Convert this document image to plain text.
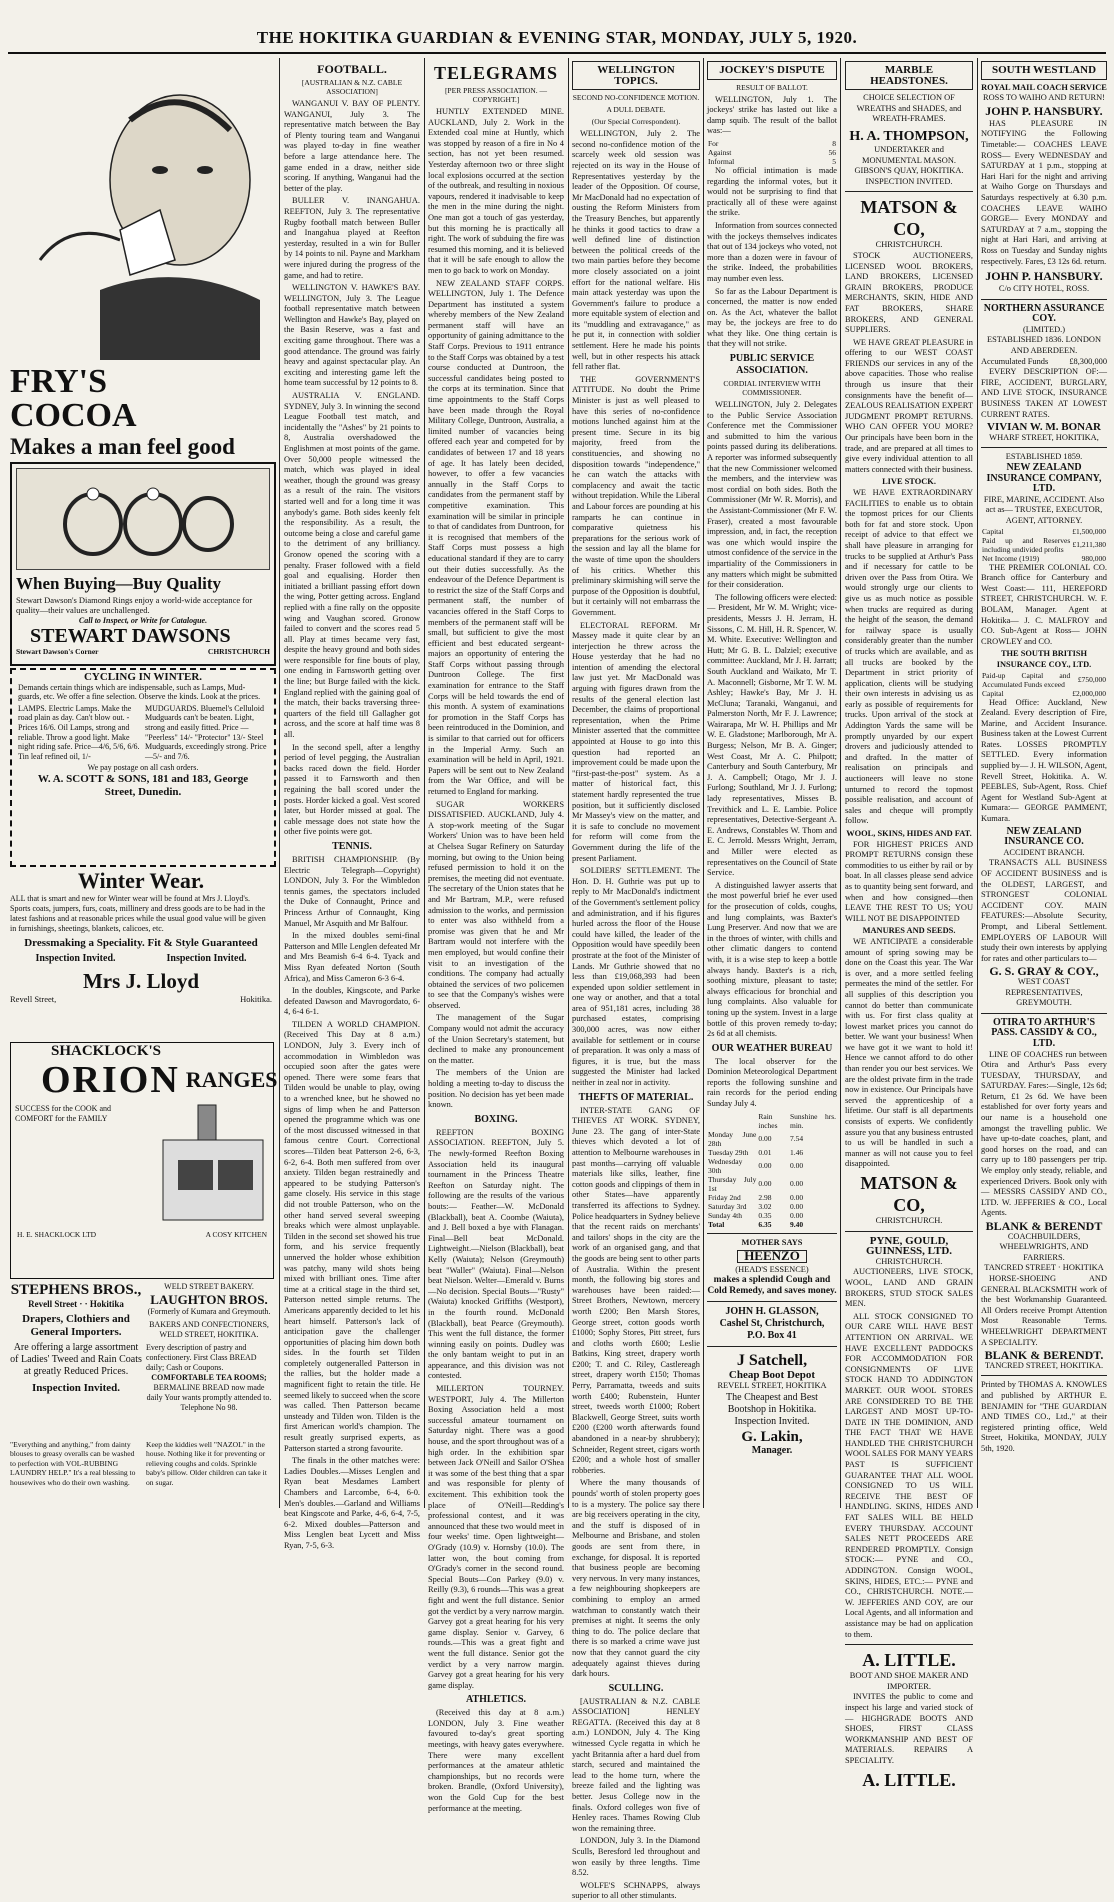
THE HOKITIKA GUARDIAN & EVENING STAR, MONDAY, JULY 5, 1920.
FRY'S
COCOA
Makes a man feel good
When Buying—Buy Quality
Stewart Dawson's Diamond Rings enjoy a world-wide acceptance for quality—their values are unchallenged.
Call to Inspect, or Write for Catalogue.
STEWART DAWSONS
Stewart Dawson's Corner	CHRISTCHURCH
CYCLING IN WINTER.
Demands certain things which are indispensable, such as Lamps, Mud-guards, etc. We offer a fine selection. Observe the kinds. Look at the prices.
LAMPS. Electric Lamps. Make the road plain as day. Can't blow out. - Prices 16/6. Oil Lamps, strong and reliable. Throw a good light. Make night riding safe. Price—4/6, 5/6, 6/6. Tin leaf refined oil, 1/-
MUDGUARDS. Bluemel's Celluloid Mudguards can't be beaten. Light, strong and easily fitted. Price — "Peerless" 14/- "Protector" 13/- Steel Mudguards, exceedingly strong. Price—5/- and 7/6.
We pay postage on all cash orders.
W. A. SCOTT & SONS, 181 and 183, George Street, Dunedin.
Winter Wear.
ALL that is smart and new for Winter wear will be found at Mrs J. Lloyd's. Sports coats, jumpers, furs, coats, millinery and dress goods are to be had in the latest fashions and at reasonable prices while the usual good value will be given in furnishings, sheetings, blankets, calicoes, etc.
Dressmaking a Speciality. Fit & Style Guaranteed
Inspection Invited.	Inspection Invited.
Mrs J. Lloyd
Revell Street,	Hokitika.
SHACKLOCK'S
ORION RANGES
SUCCESS for the COOK and COMFORT for the FAMILY
H. E. SHACKLOCK LTD	A COSY KITCHEN
STEPHENS BROS.,
Revell Street · · Hokitika
Drapers, Clothiers and General Importers.
Are offering a large assortment of Ladies' Tweed and Rain Coats at greatly Reduced Prices.
Inspection Invited.
WELD STREET BAKERY.
LAUGHTON BROS.
(Formerly of Kumara and Greymouth.
BAKERS AND CONFECTIONERS, WELD STREET, HOKITIKA.
Every description of pastry and confectionery. First Class BREAD daily; Cash or Coupons.
COMFORTABLE TEA ROOMS;
BERMALINE BREAD now made daily Your wants promptly attended to. Telephone No 98.
"Everything and anything," from dainty blouses to greasy overalls can be washed to perfection with VOL-RUBBING LAUNDRY HELP." It's a real blessing to housewives who do their own washing.
Keep the kiddies well "NAZOL" in the house. Nothing like it for preventing or relieving coughs and colds. Sprinkle baby's pillow. Older children can take it on sugar.
FOOTBALL.
[AUSTRALIAN & N.Z. CABLE ASSOCIATION]

WANGANUI V. BAY OF PLENTY. WANGANUI, July 3. The representative match between the Bay of Plenty touring team and Wanganui was played to-day in fine weather before a large attendance here. The game ended in a draw, neither side scoring. If anything, Wanganui had the better of the play.

BULLER V. INANGAHUA. REEFTON, July 3. The representative Rugby football match between Buller and Inangahua played at Reefton yesterday, resulted in a win for Buller by 14 points to nil. Payne and Markham were injured during the progress of the game, and had to retire.

WELLINGTON V. HAWKE'S BAY. WELLINGTON, July 3. The League football representative match between Wellington and Hawke's Bay, played on the Basin Reserve, was a fast and exciting game throughout. There was a good attendance. The ground was fairly heavy and against spectacular play. An exciting and interesting game left the home team successful by 12 points to 8.

AUSTRALIA V. ENGLAND. SYDNEY, July 3. In winning the second League Football test match, and incidentally the "Ashes" by 21 points to 8, Australia overshadowed the Englishmen at most points of the game. Over 50,000 people witnessed the match, which was played in ideal weather, though the ground was greasy as a result of the rain. The visitors started well and for a long time it was anybody's game. Both sides keenly felt the responsibility. As a result, the outcome being a close and careful game to the detriment of any brilliancy. Gronow opened the scoring with a penalty. Fraser followed with a field goal and equalising. Horder then initiated a brilliant passing effort down the wing, Potter getting across. England replied with a fine rally on the opposite wing and Vaughan scored. Gronow failed to convert and the scores read 5 all. Play at times became very fast, despite the heavy ground and both sides were responsible for fine bouts of play, one ending in Farnsworth getting over the line; but Burge failed with the kick. England replied with the gaining goal of the match, their backs traversing three-quarters of the field till Gallagher got across, and the score at half time was 8 all.

In the second spell, after a lengthy period of level pegging, the Australian backs raced down the field. Horder passed it to Farnsworth and then regaining the ball scored under the posts. Horder kicked a goal. Vest scored later, but Horder missed at goal. The cable message does not state how the other five points were got.

TENNIS.

BRITISH CHAMPIONSHIP. (By Electric Telegraph—Copyright) LONDON, July 3. For the Wimbledon tennis games, the spectators included the Duke of Connaught, Prince and Princess Arthur of Connaught, King Manuel, Mr Asquith and Mr Balfour.

In the mixed doubles semi-final Patterson and Mlle Lenglen defeated Mr and Mrs Beamish 6-4 6-4. Tyack and Miss Ryan defeated Norton (South Africa), and Miss Cameron 6-3 6-4.

In the doubles, Kingscote, and Parke defeated Dawson and Mavrogordato, 6-4, 6-4 6-1.

TILDEN A WORLD CHAMPION. (Received This Day at 8 a.m.) LONDON, July 3. Every inch of accommodation in Wimbledon was occupied soon after the gates were opened. There were some fears that Tilden would be unable to play, owing to a wrenched knee, but he showed no signs of limp when he and Patterson opened the programme which was one of the most discussed witnessed in that famous centre Court. Correctional scores—Tilden beat Patterson 2-6, 6-3, 6-2, 6-4. Both men suffered from over anxiety. Tilden began restrainedly and appeared to be studying Patterson's game closely. His service in this stage did not trouble Patterson, who on the other hand served several sweeping breaks which were almost unplayable. Tilden in the second set showed his true form, and his service frequently unnerved the holder whose exhibition was patchy, many wild shots being mixed with brilliant ones. Time after time at a critical stage in the third set, Patterson netted simple returns. The Americans apparently decided to let his heart himself. Patterson's lack of anticipation gave the challenger opportunities of placing him down both sides. In the fourth set Tilden completely outgeneralled Patterson in the rallies, but the holder made a magnificent fight to retain the title. He seemed likely to succeed when the score was called. Then Patterson became unsteady and Tilden won. Tilden is the first American world's champion. The result greatly surprised experts, as Patterson started a strong favourite.

The finals in the other matches were: Ladies Doubles.—Misses Lenglen and Ryan beat Mesdames Lambert Chambers and Larcombe, 6-4, 6-0. Men's doubles.—Garland and Williams beat Kingscote and Parke, 4-6, 6-4, 7-5, 6-2. Mixed doubles—Patterson and Miss Lenglen beat Lycett and Miss Ryan, 7-5, 6-3.

TELEGRAMS
[PER PRESS ASSOCIATION. — COPYRIGHT.]

HUNTLY EXTENDED MINE. AUCKLAND, July 2. Work in the Extended coal mine at Huntly, which was stopped by reason of a fire in No 4 section, has not yet been resumed. Yesterday afternoon two or three slight local explosions occurred at the section of the outbreak, and resulting in noxious vapours, rendered it inadvisable to keep the men in the mine during the night. One man got a touch of gas yesterday, but this morning he is practically all right. The work of subduing the fire was resumed this morning, and it is believed that it will be safe enough to allow the men to go back to work on Monday.

NEW ZEALAND STAFF CORPS. WELLINGTON, July 1. The Defence Department has instituted a system whereby members of the New Zealand permanent staff will have an opportunity of gaining admittance to the Staff Corps. Previous to 1911 entrance to the Staff Corps was obtained by a test course conducted at Duntroon, the successful candidates being posted to the corps at its termination. Since that time appointments to the Staff Corps have been made through the Royal Military College, Duntroon, Australia, a limited number of vacancies being offered each year and competed for by candidates of between 17 and 18 years of age. It has lately been decided, however, to offer a few vacancies annually in the Staff Corps to candidates from the permanent staff by competitive examination. This examination will be similar in principle to that of candidates from Duntroon, for it is recognised that members of the Staff Corps must possess a high educational standard if they are to carry out their duties successfully. As the endeavour of the Defence Department is to restrict the size of the Staff Corps and permanent staff, the number of vacancies offered in the Staff Corps to members of the permanent staff will be small, but sufficient to give the most efficient and best educated sergeant-majors an opportunity of entering the Staff Corps without passing through Duntroon College. The first examination for entrance to the Staff Corps will be held towards the end of this month. A system of examinations for promotion in the Staff Corps has been reintroduced in the Dominion, and is similar to that carried out for officers in the Imperial Army. Such an examination will be held in April, 1921. Papers will be sent out to New Zealand from the War Office, and will be returned to England for marking.

SUGAR WORKERS DISSATISFIED. AUCKLAND, July 4. A stop-work meeting of the Sugar Workers' Union was to have been held at Chelsea Sugar Refinery on Saturday morning, but owing to the Union being refused permission to hold it on the premises, the meeting did not eventuate. The secretary of the Union states that he and Mr Bartram, M.P., were refused admission to the works, and permission to enter was also withheld from a promise was given that he and Mr Bartram would not interfere with the men employed, but would confine their visit to an investigation of the conditions. The company had actually obtained the services of two policemen to see that the Company's wishes were observed.

The management of the Sugar Company would not admit the accuracy of the Union Secretary's statement, but declined to make any pronouncement on the matter.

The members of the Union are holding a meeting to-day to discuss the position. No decision has yet been made known.

BOXING.

REEFTON BOXING ASSOCIATION. REEFTON, July 5. The newly-formed Reefton Boxing Association held its inaugural tournament in the Princess Theatre Reefton on Saturday night. The following are the results of the various bouts:— Feather—W. McDonald (Blackball), beat A. Coombe (Waiuta), and J. Bell boxed a bye with Flanagan. Final—Bell beat McDonald. Lightweight.—Nielson (Blackball), beat Kelly (Waiuta); Nelson (Greymouth) beat "Waller" (Waiuta). Final—Nelson beat Nielson. Welter—Emerald v. Burns—No decision. Special Bouts—"Rusty" (Waiuta) knocked Griffiths (Westport), in the fourth round. McDonald (Blackball), beat Pearce (Greymouth). This went the full distance, the former winning easily on points. Dudley was the only bantam weight to put in an appearance, and this division was not contested.

MILLERTON TOURNEY. WESTPORT, July 4. The Millerton Boxing Association held a most successful amateur tournament on Saturday night. There was a good house, and the sport throughout was of a high order. In the exhibition spar between Jack O'Neill and Sailor O'Shea it was some of the best thing that a spar and was responsible for plenty of excitement. This exhibition took the place of O'Neill—Redding's professional contest, and it was announced that these two would meet in four weeks' time. Open lightweight—O'Grady (10.9) v. Hornsby (10.0). The latter won, the bout coming from O'Grady's corner in the second round. Special Bouts—Con Parkey (9.0) v. Reilly (9.3), 6 rounds—This was a great fight and went the full distance. Senior got the verdict by a very narrow margin. Garvey got a great hearing for his very game display. Senior v. Garvey, 6 rounds.—This was a great fight and went the full distance. Senior got the verdict by a very narrow margin. Garvey got a great hearing for his very game display.

ATHLETICS.

(Received this day at 8 a.m.) LONDON, July 3. Fine weather favoured to-day's great sporting meetings, with heavy gates everywhere. There were many excellent performances at the amateur athletic championships, but no records were broken. Brandle, (Oxford University), won the Gold Cup for the best performance at the meeting.

WELLINGTON TOPICS.
SECOND NO-CONFIDENCE MOTION.
A DULL DEBATE.
(Our Special Correspondent).

WELLINGTON, July 2. The second no-confidence motion of the scarcely week old session was rejected on its way in the House of Representatives yesterday by the leader of the Opposition. Of course, Mr MacDonald had no expectation of ousting the Reform Ministers from the Treasury Benches, but apparently he thinks it good tactics to draw a well defined line of distinction between the political creeds of the two main parties before they become more closely associated on a joint effort for the national welfare. His main attack yesterday was upon the Government's failure to produce a more equitable system of election and its "muddling and extravagance," as he put it, in connection with soldier settlement. Here he made his points well, but in other respects his attack fell rather flat.

THE GOVERNMENT'S ATTITUDE. No doubt the Prime Minister is just as well pleased to have this series of no-confidence motions lunched against him at the present time. Secure in its big majority, freed from the constituencies, and showing no disposition towards "independence," he can watch the attacks with complacency and await the tactic without trepidation. While the Liberal and Labour forces are pounding at his ramparts he can continue in comparative quietness his preparations for the serious work of the session and lay all the blame for the waste of time upon the shoulders of his critics. Whether this preliminary skirmishing will serve the purpose of the Opposition is doubtful, but it certainly will not embarrass the Government.

ELECTORAL REFORM. Mr Massey made it quite clear by an interjection he threw across the House yesterday that he had no intention of amending the electoral law just yet. Mr MacDonald was arguing with figures drawn from the results of the general election last December, the claims of proportional representation, when the Prime Minister asserted that the committee appointed at House to go into this question had reported an improvement could be made upon the "first-past-the-post" system. As a matter of historical fact, this statement hardly represented the true position, but it sufficiently disclosed Mr Massey's view on the matter, and it is safe to conclude no movement for reform will come from the Government during the life of the present Parliament.

SOLDIERS' SETTLEMENT. The Hon. D. H. Guthrie was put up to reply to Mr MacDonald's indictment of the Government's settlement policy and administration, and if his figures hurled across the floor of the House could have killed, the leader of the Opposition would have speedily been prostrate at the foot of the Minister of Lands. Mr Guthrie showed that no less than £19,068,393 had been expended upon soldier settlement in one way or another, and that a total area of 951,181 acres, including 38 purchased estates, comprising 300,000 acres, was now either available for settlement or in course of preparation. It was only a mass of figures, it is true, but the mass suggested the Minister had lacked neither in zeal nor in activity.

THEFTS OF MATERIAL.

INTER-STATE GANG OF THIEVES AT WORK. SYDNEY, June 23. The gang of inter-State thieves which devoted a lot of attention to Melbourne warehouses in past months—carrying off valuable materials like silks, leather, fine cotton goods and clippings of them in other States—have apparently transferred its affections to Sydney. Police headquarters in Sydney believe that the recent raids on merchants' and tailors' shops in the city are the work of an organised gang, and that the goods are being sent to other parts of Australia. Within the present month, the following big stores and warehouses have been raided:—Street Brothers, Newtown, mercery worth £200; Ben Marsh Stores, George street, cotton goods worth £1000; Sophy Stores, Pitt street, furs and cloths worth £600; Leslie Batkins, King street, drapery worth £200; T. and C. Riley, Castlereagh street, drapery worth £150; Thomas Perry, Parramatta, tweeds and suits worth £400; Rubenstein, Hunter street, tweeds worth £1000; Robert Blackwell, George Street, suits worth £200 (£200 worth afterwards found abandoned in a near-by shrubbery); Schneider, Regent street, cigars worth £200; and a whole host of smaller robberies.

Where the many thousands of pounds' worth of stolen property goes to is a mystery. The police say there are big receivers operating in the city, and the stuff is disposed of in Melbourne and Brisbane, and stolen goods are sent from there, in exchange, for disposal. It is reported that business people are becoming very nervous. In very many instances, a few neighbouring shopkeepers are combining to employ an armed watchman to constantly watch their premises at night. It seems the only thing to do. The police declare that there is so marked a crime wave just now that they cannot guard the city adequately against thieves during dark hours.

SCULLING.

[AUSTRALIAN & N.Z. CABLE ASSOCIATION] HENLEY REGATTA. (Received this day at 8 a.m.) LONDON, July 4. The King witnessed Cycle regatta in which he yacht Britannia after a hard duel from starch, secured and maintained the lead to the home turn, where the breeze failed and the lighting was better. Jesus College now in the finals. Oxford colleges won five of Henley races. Thames Rowing Club won the remaining three.

LONDON, July 3. In the Diamond Sculls, Beresford led throughout and won easily by three lengths. Time 8.52.

WOLFE'S SCHNAPPS, always superior to all other stimulants.

JOCKEY'S DISPUTE
RESULT OF BALLOT.

WELLINGTON, July 1. The jockeys' strike has lasted out like a damp squib. The result of the ballot was:—

For	8
Against	56
Informal	5

No official intimation is made regarding the informal votes, but it would not be surprising to find that practically all of these were against the strike.

Information from sources connected with the jockeys themselves indicates that out of 134 jockeys who voted, not more than a dozen were in favour of the strike. Indeed, the probabilities may number even less.

So far as the Labour Department is concerned, the matter is now ended on. As the Act, whatever the ballot may be, the jockeys are free to do what they like. One thing certain is that they will not strike.

PUBLIC SERVICE ASSOCIATION.
CORDIAL INTERVIEW WITH COMMISSIONER.

WELLINGTON, July 2. Delegates to the Public Service Association Conference met the Commissioner and submitted to him the various points passed during its deliberations. A reporter was informed subsequently that the new Commissioner welcomed the members, and the interview was most cordial on both sides. Both the Commissioner (Mr W. R. Morris), and the Assistant-Commissioner (Mr F. W. Fraser), created a most favourable impression, and, in fact, the reception was one which would inspire the utmost confidence of the service in the impartiality of the Commissioners in any matters which might be submitted for their consideration.

The following officers were elected:— President, Mr W. M. Wright; vice-presidents, Messrs J. H. Jerram, H. Sissons, C. M. Hill, H. R. Spencer, W. M. White. Executive: Wellington and Hutt; Mr G. B. L. Dalziel; executive committee: Auckland, Mr J. H. Jarratt; South Auckland and Waikato, Mr T. A. Maconnell; Gisborne, Mr T. W. M. Ashley; Hawke's Bay, Mr J. H. McCluna; Taranaki, Wanganui, and Palmerston North, Mr F. J. Lawrence; Wairarapa, Mr W. H. Phillips and Mr W. E. Gladstone; Marlborough, Mr A. Burgess; Nelson, Mr B. A. Ginger; West Coast, Mr A. C. Philpott; Canterbury and South Canterbury, Mr J. A. Campbell; Otago, Mr J. J. Furlong; Southland, Mr J. J. Furlong; lady representatives, Misses B. Trevithick and L. E. Lambie. Police representatives, Detective-Sergeant A. E. Andrews, Constables W. Thom and E. C. Jerrold. Messrs Wright, Jerram, and Miller were elected as representatives on the Council of State Service.

A distinguished lawyer asserts that the most powerful brief he ever used for the prosecution of colds, coughs, and lung complaints, was Baxter's Lung Preserver. And now that we are in the throes of winter, with chills and other climatic dangers to contend with, it is a wise step to keep a bottle always handy. Baxter's is a rich, soothing mixture, pleasant to taste; always efficacious for bronchial and lung complaints. Also valuable for toning up the system. Invest in a large bottle of this proven remedy to-day; 2s 6d at all chemists.

OUR WEATHER BUREAU

The local observer for the Dominion Meteorological Department reports the following sunshine and rain records for the period ending Sunday July 4.

	Rain inches	Sunshine hrs. min.
Monday June 28th	0.00	7.54
Tuesday 29th	0.01	1.46
Wednesday 30th	0.00	0.00
Thursday July 1st	0.00	0.00
Friday 2nd	2.98	0.00
Saturday 3rd	3.02	0.00
Sunday 4th	0.35	0.00
Total	6.35	9.40
MOTHER SAYS
HEENZO
(HEAD'S ESSENCE)
makes a splendid Cough and Cold Remedy, and saves money.
JOHN H. GLASSON,
Cashel St, Christchurch,
P.O. Box 41
J Satchell,
Cheap Boot Depot
REVELL STREET, HOKITIKA
The Cheapest and Best Bootshop in Hokitika.
Inspection Invited.
G. Lakin,
Manager.
MARBLE HEADSTONES.
CHOICE SELECTION OF WREATHS and SHADES, and WREATH-FRAMES.
H. A. THOMPSON,
UNDERTAKER and MONUMENTAL MASON.
GIBSON'S QUAY, HOKITIKA.
INSPECTION INVITED.
MATSON & CO,
CHRISTCHURCH.

STOCK AUCTIONEERS, LICENSED WOOL BROKERS, LAND BROKERS, LICENSED GRAIN BROKERS, PRODUCE MERCHANTS, SKIN, HIDE AND FAT BROKERS, SHARE BROKERS, AND GENERAL SUPPLIERS.

WE HAVE GREAT PLEASURE in offering to our WEST COAST FRIENDS our services in any of the above capacities. Those who realise through us insure that their consignments have the benefit of— ZEALOUS REALISATION EXPERT JUDGMENT PROMPT RETURNS. WHO CAN OFFER YOU MORE? Our principals have been born in the trade, and are prepared at all times to give every individual attention to all matters connected with their business.

LIVE STOCK.

WE HAVE EXTRAORDINARY FACILITIES to enable us to obtain the topmost prices for our Clients both for fat and store stock. Upon receipt of advice to that effect we shall have pleasure in arranging for trucks to be supplied at Arthur's Pass and if necessary for cattle to be driven over the Pass from Otira. We would strongly urge our clients to give us as much notice as possible when trucks are required as during the height of the season, the demand for railway space is usually considerably greater than the number of trucks which are available, and as all trucks are booked by the Department in strict priority of application, clients will be studying their own interests in advising us as early as possible of requirements for trucks. Upon arrival of the stock at Addington Yards the same will be promptly unyarded by our expert drovers and judiciously attended to and drafted. In the matter of realisation on principals and auctioneers will leave no stone unturned to record the topmost possible realisation, and account of sales and cheque will promptly follow.

WOOL, SKINS, HIDES AND FAT.

FOR HIGHEST PRICES AND PROMPT RETURNS consign these commodities to us either by rail or by boat. In all classes please send advice as to quantity being sent forward, and when and how consigned—then LEAVE THE REST TO US; YOU WILL NOT BE DISAPPOINTED

MANURES AND SEEDS.

WE ANTICIPATE a considerable amount of spring sowing may be done on the Coast this year. The War is over, and a more settled feeling permeates the mind of the settler. For all supplies of this description you cannot do better than communicate with us. For first class quality at lowest market prices you cannot do better. We want your business! When we have got it we want to hold it! Hence we cannot afford to do other than render you our best services. We are the oldest private firm in the trade now in existence. Our Principals have served the apprenticeship of a lifetime. Our staff is all departments consists of experts. We confidently assure you that any business entrusted to us will be handled in such a manner as will not cause you to feel disappointed.

MATSON & CO,
CHRISTCHURCH.
PYNE, GOULD, GUINNESS, LTD.
CHRISTCHURCH.

AUCTIONEERS, LIVE STOCK, WOOL, LAND AND GRAIN BROKERS, STUD STOCK SALES MEN.

ALL STOCK CONSIGNED TO OUR CARE WILL HAVE BEST ATTENTION ON ARRIVAL. WE HAVE EXCELLENT PADDOCKS FOR ACCOMMODATION FOR CONSIGNMENTS OF LIVE STOCK HAND TO ADDINGTON MARKET. OUR WOOL STORES ARE CONSIDERED TO BE THE LARGEST AND MOST UP-TO-DATE IN THE DOMINION, AND THE FACT THAT WE HAVE HANDLED THE CHRISTCHURCH WOOL SALES FOR MANY YEARS PAST IS SUFFICIENT GUARANTEE THAT ALL WOOL CONSIGNED TO US WILL RECEIVE THE BEST OF HANDLING. SKINS, HIDES AND FAT SALES WILL BE HELD EVERY THURSDAY. ACCOUNT SALES NETT PROCEEDS ARE RENDERED PROMPTLY. Consign STOCK:— PYNE and CO., ADDINGTON. Consign WOOL, SKINS, HIDES, ETC.:— PYNE and CO., CHRISTCHURCH. NOTE.—W. JEFFERIES AND COY, are our Local Agents, and all information and assistance may be had on application to them.

A. LITTLE.
BOOT AND SHOE MAKER AND IMPORTER.

INVITES the public to come and inspect his large and varied stock of— HIGHGRADE BOOTS AND SHOES, FIRST CLASS WORKMANSHIP AND BEST OF MATERIALS. REPAIRS A SPECIALITY.

A. LITTLE.
SOUTH WESTLAND
ROYAL MAIL COACH SERVICE
ROSS TO WAIHO AND RETURN!
JOHN P. HANSBURY.

HAS PLEASURE IN NOTIFYING the Following Timetable:— COACHES LEAVE ROSS— Every WEDNESDAY and SATURDAY at 1 p.m., stopping at Hari Hari for the night and arriving at Waiho Gorge on Thursdays and Saturdays respectively at 6.30 p.m. COACHES LEAVE WAIHO GORGE— Every MONDAY and SATURDAY at 7 a.m., stopping the night at Hari Hari, and arriving at Ross on Tuesday and Sunday nights respectively. Fares, £3 12s 6d. return.

JOHN P. HANSBURY.
C/o CITY HOTEL, ROSS.
NORTHERN ASSURANCE COY.
(LIMITED.)
ESTABLISHED 1836. LONDON AND ABERDEEN.
Accumulated Funds	£8,300,000

EVERY DESCRIPTION OF:— FIRE, ACCIDENT, BURGLARY, AND LIVE STOCK, INSURANCE BUSINESS TAKEN AT LOWEST CURRENT RATES.

VIVIAN W. M. BONAR
WHARF STREET, HOKITIKA,
ESTABLISHED 1859.
NEW ZEALAND INSURANCE COMPANY, LTD.
FIRE, MARINE, ACCIDENT. Also act as— TRUSTEE, EXECUTOR, AGENT, ATTORNEY.
Capital	£1,500,000
Paid up and Reserves including undivided profits	£1,211,380
Net Income (1919)	980,000

THE PREMIER COLONIAL CO. Branch office for Canterbury and West Coast:— 111, HEREFORD STREET, CHRISTCHURCH. W. F. BOLAM, Manager. Agent at Hokitika— J. C. MALFROY and CO. Sub-Agent at Ross— JOHN CROWLEY and CO.

THE SOUTH BRITISH INSURANCE COY., LTD.
Paid-up Capital and Accumulated Funds exceed	£750,000
Capital	£2,000,000

Head Office: Auckland, New Zealand. Every description of Fire, Marine, and Accident Insurance. Business taken at the Lowest Current Rates. LOSSES PROMPTLY SETTLED. Every information supplied by— J. H. WILSON, Agent, Revell Street, Hokitika. A. W. PEEBLES, Sub-Agent, Ross. Chief Agent for Westland Sub-Agent at Kumara:— GEORGE PAMMENT, Kumara.

NEW ZEALAND INSURANCE CO.
ACCIDENT BRANCH.

TRANSACTS ALL BUSINESS OF ACCIDENT BUSINESS and is the OLDEST, LARGEST, and STRONGEST COLONIAL ACCIDENT COY. MAIN FEATURES:—Absolute Security, Prompt, and Liberal Settlement. EMPLOYERS OF LABOUR Will study their own interests by applying for rates and other particulars to—

G. S. GRAY & COY.,
WEST COAST REPRESENTATIVES, GREYMOUTH.
OTIRA TO ARTHUR'S PASS. CASSIDY & CO., LTD.

LINE OF COACHES run between Otira and Arthur's Pass every TUESDAY, THURSDAY, and SATURDAY. Fares:—Single, 12s 6d; Return, £1 2s 6d. We have been established for over forty years and our name is a household one amongst the travelling public. We have up-to-date coaches, plant, and good horses on the road, and can carry up to 180 passengers per trip. We employ only steady, reliable, and experienced Drivers. Book only with— MESSRS CASSIDY AND CO., LTD. W. JEFFERIES & CO., Local Agents.

BLANK & BERENDT
COACHBUILDERS, WHEELWRIGHTS, AND FARRIERS.
TANCRED STREET · HOKITIKA

HORSE-SHOEING AND GENERAL BLACKSMITH work of the best Workmanship Guaranteed. All Orders receive Prompt Attention Most Reasonable Terms. WHEELWRIGHT DEPARTMENT A SPECIALITY.

BLANK & BERENDT.
TANCRED STREET, HOKITIKA.

Printed by THOMAS A. KNOWLES and published by ARTHUR E. BENJAMIN for "THE GUARDIAN AND TIMES CO., Ltd.," at their registered printing office, Weld Street, Hokitika, MONDAY, JULY 5th, 1920.
